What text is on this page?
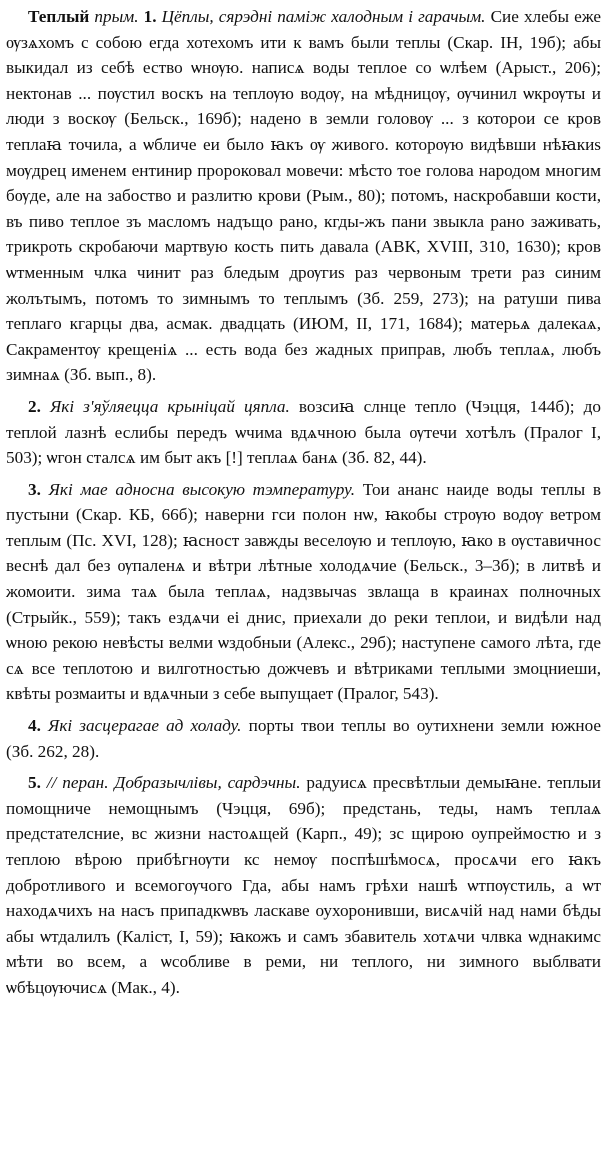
Теплый прым. 1. Цёплы, сярэдні паміж халодным і гарачым. Сие хлебы еже ѹзѧхомъ с собою егда хотехомъ ити к вамъ были теплы (Скар. ІН, 19б); абы выкидал из себѣ ество ѡнѹю. написѧ воды теплое со ѡлѣем (Арыст., 206); нектонав ... пѹстил воскъ на теплѹю водѹ, на мѣдницѹ, ѹчинил ѡкрѹты и люди з воскѹ (Бельск., 169б); надено в земли головѹ ... з которои се кров теплаꙗ точила, а ѡбличе еи было ꙗкъ ѹ живого. которѹю видѣвши нѣꙗкиѕ мѹдрец именем ентинир пророковал мовечи: мѣсто тое голова народом многим бѹде, але на забоство и разлитю крови (Рым., 80); потомъ, наскробавши кости, въ пиво теплое зъ масломъ надъщо рано, кгды-жъ пани звыкла рано заживать, трикроть скробаючи мартвую кость пить давала (АВК, XVIII, 310, 1630); кров ѡтменным члка чинит раз бледым дрѹгиѕ раз червоным трети раз синим жолътымъ, потомъ то зимнымъ то теплымъ (Зб. 259, 273); на ратуши пива теплаго кгарцы два, асмак. двадцать (ИЮМ, II, 171, 1684); матерьѧ далекаѧ, Сакраментѹ крещеніѧ ... есть вода без жадных приправ, любъ теплаѧ, любъ зимнаѧ (Зб. вып., 8).

2. Які з'яўляецца крыніцай цяпла. возсиꙗ слнце тепло (Чэцця, 144б); до теплой лазнѣ еслибы передъ ѡчима вдѧчною была ѹтечи хотѣлъ (Пралог І, 503); ѡгон сталсѧ им быт акъ [!] теплаѧ банѧ (Зб. 82, 44).

3. Які мае адносна высокую тэмпературу. Тои ананс наиде воды теплы в пустыни (Скар. КБ, 66б); наверни гси полон нѡ, ꙗкобы стрѹю водѹ ветром теплым (Пс. XVI, 128); ꙗсност завжды веселѹю и теплѹю, ꙗко в ѹставичнос веснѣ дал без ѹпаленѧ и вѣтри лѣтные холодѧчие (Бельск., 3–3б); в литвѣ и жомоити. зима таѧ была теплаѧ, надзвычаѕ звлаща в краинах полночных (Стрыйк., 559); такъ ездѧчи еі днис, приехали до реки теплои, и видѣли над ѡною рекою невѣсты велми ѡздобныи (Алекс., 29б); наступене самого лѣта, где сѧ все теплотою и вилготностью дожчевъ и вѣтриками теплыми змоцниеши, квѣты розмаиты и вдѧчныи з себе выпущает (Пралог, 543).

4. Які засцерагае ад холаду. порты твои теплы во оутихнени земли южное (Зб. 262, 28).

5. // перан. Добразычлівы, сардэчны. радуисѧ пресвѣтлыи демыꙗне. теплыи помощниче немощнымъ (Чэцця, 69б); предстань, теды, намъ теплаѧ предстателсние, вс жизни настоѧщей (Карп., 49); зс щирою оупреймостю и з теплою вѣрою прибѣгнѹти кс немѹ поспѣшѣмосѧ, просѧчи его ꙗкъ добротливого и всемогѹчого Гда, абы намъ грѣхи нашѣ ѡтпѹстиль, а ѡт находѧчихъ на насъ припадкѡвъ ласкаве оухоронивши, висѧчій над нами бѣды абы ѡтдалилъ (Каліст, І, 59); ꙗкожъ и самъ збавитель хотѧчи члвка ѡднакимс мѣти во всем, а ѡсобливе в реми, ни теплого, ни зимного выблвати ѡбѣцѹючисѧ (Мак., 4).
